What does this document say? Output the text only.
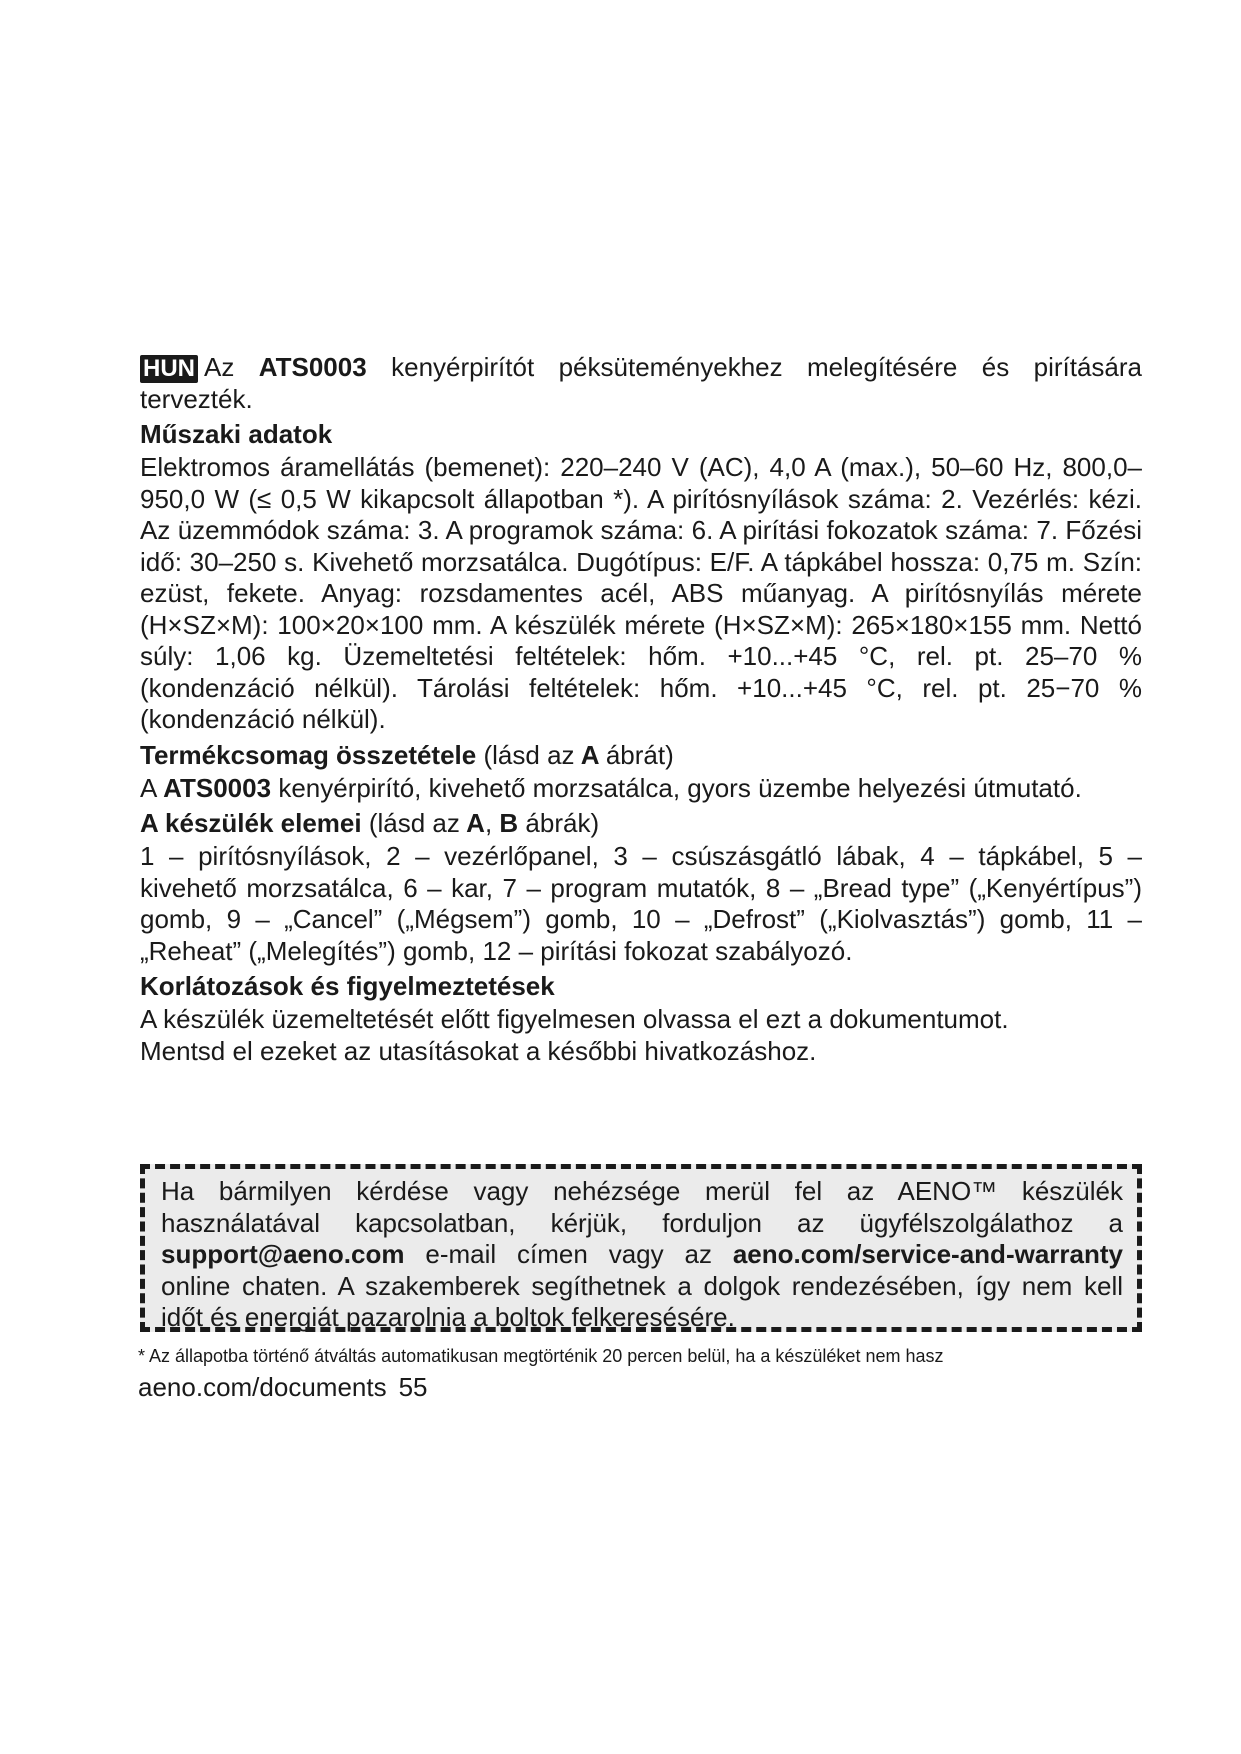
HUN Az ATS0003 kenyérpirítót péksüteményekhez melegítésére és pirítására tervezték.

Műszaki adatok

Elektromos áramellátás (bemenet): 220–240 V (AC), 4,0 A (max.), 50–60 Hz, 800,0–950,0 W (≤ 0,5 W kikapcsolt állapotban *). A pirítósnyílások száma: 2. Vezérlés: kézi. Az üzemmódok száma: 3. A programok száma: 6. A pirítási fokozatok száma: 7. Főzési idő: 30–250 s. Kivehető morzsatálca. Dugótípus: E/F. A tápkábel hossza: 0,75 m. Szín: ezüst, fekete. Anyag: rozsdamentes acél, ABS műanyag. A pirítósnyílás mérete (H×SZ×M): 100×20×100 mm. A készülék mérete (H×SZ×M): 265×180×155 mm. Nettó súly: 1,06 kg. Üzemeltetési feltételek: hőm. +10...+45 °C, rel. pt. 25–70 % (kondenzáció nélkül). Tárolási feltételek: hőm. +10...+45 °C, rel. pt. 25−70 % (kondenzáció nélkül).

Termékcsomag összetétele (lásd az A ábrát)

A ATS0003 kenyérpirító, kivehető morzsatálca, gyors üzembe helyezési útmutató.

A készülék elemei (lásd az A, B ábrák)

1 – pirítósnyílások, 2 – vezérlőpanel, 3 – csúszásgátló lábak, 4 – tápkábel, 5 – kivehető morzsatálca, 6 – kar, 7 – program mutatók, 8 – „Bread type” („Kenyértípus”) gomb, 9 – „Cancel” („Mégsem”) gomb, 10 – „Defrost” („Kiolvasztás”) gomb, 11 – „Reheat” („Melegítés”) gomb, 12 – pirítási fokozat szabályozó.

Korlátozások és figyelmeztetések

A készülék üzemeltetését előtt figyelmesen olvassa el ezt a dokumentumot.

Mentsd el ezeket az utasításokat a későbbi hivatkozáshoz.

Ha bármilyen kérdése vagy nehézsége merül fel az AENO™ készülék használatával kapcsolatban, kérjük, forduljon az ügyfélszolgálathoz a support@aeno.com e-mail címen vagy az aeno.com/service-and-warranty online chaten. A szakemberek segíthetnek a dolgok rendezésében, így nem kell időt és energiát pazarolnia a boltok felkeresésére.
* Az állapotba történő átváltás automatikusan megtörténik 20 percen belül, ha a készüléket nem hasz
aeno.com/documents 55
